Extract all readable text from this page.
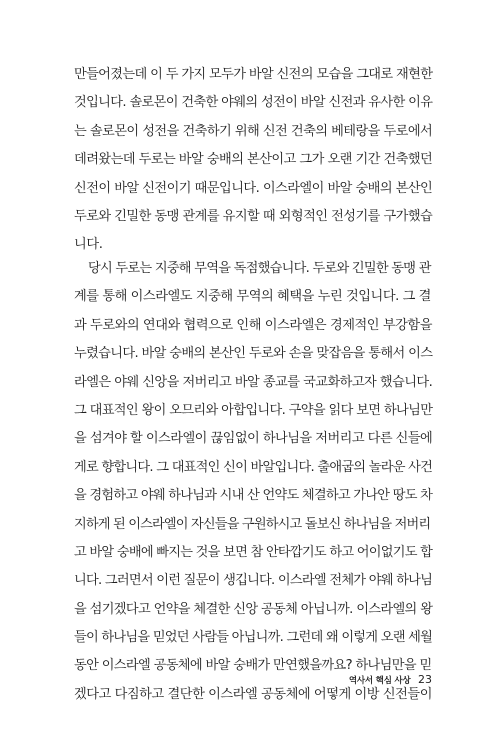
만들어졌는데 이 두 가지 모두가 바알 신전의 모습을 그대로 재현한
것입니다. 솔로몬이 건축한 야웨의 성전이 바알 신전과 유사한 이유
는 솔로몬이 성전을 건축하기 위해 신전 건축의 베테랑을 두로에서
데려왔는데 두로는 바알 숭배의 본산이고 그가 오랜 기간 건축했던
신전이 바알 신전이기 때문입니다. 이스라엘이 바알 숭배의 본산인
두로와 긴밀한 동맹 관계를 유지할 때 외형적인 전성기를 구가했습
니다.
당시 두로는 지중해 무역을 독점했습니다. 두로와 긴밀한 동맹 관
계를 통해 이스라엘도 지중해 무역의 혜택을 누린 것입니다. 그 결
과 두로와의 연대와 협력으로 인해 이스라엘은 경제적인 부강함을
누렸습니다. 바알 숭배의 본산인 두로와 손을 맞잡음을 통해서 이스
라엘은 야웨 신앙을 저버리고 바알 종교를 국교화하고자 했습니다.
그 대표적인 왕이 오므리와 아합입니다. 구약을 읽다 보면 하나님만
을 섬겨야 할 이스라엘이 끊임없이 하나님을 저버리고 다른 신들에
게로 향합니다. 그 대표적인 신이 바알입니다. 출애굽의 놀라운 사건
을 경험하고 야웨 하나님과 시내 산 언약도 체결하고 가나안 땅도 차
지하게 된 이스라엘이 자신들을 구원하시고 돌보신 하나님을 저버리
고 바알 숭배에 빠지는 것을 보면 참 안타깝기도 하고 어이없기도 합
니다. 그러면서 이런 질문이 생깁니다. 이스라엘 전체가 야웨 하나님
을 섬기겠다고 언약을 체결한 신앙 공동체 아닙니까. 이스라엘의 왕
들이 하나님을 믿었던 사람들 아닙니까. 그런데 왜 이렇게 오랜 세월
동안 이스라엘 공동체에 바알 숭배가 만연했을까요? 하나님만을 믿
겠다고 다짐하고 결단한 이스라엘 공동체에 어떻게 이방 신전들이
역사서 핵심 사상 23
